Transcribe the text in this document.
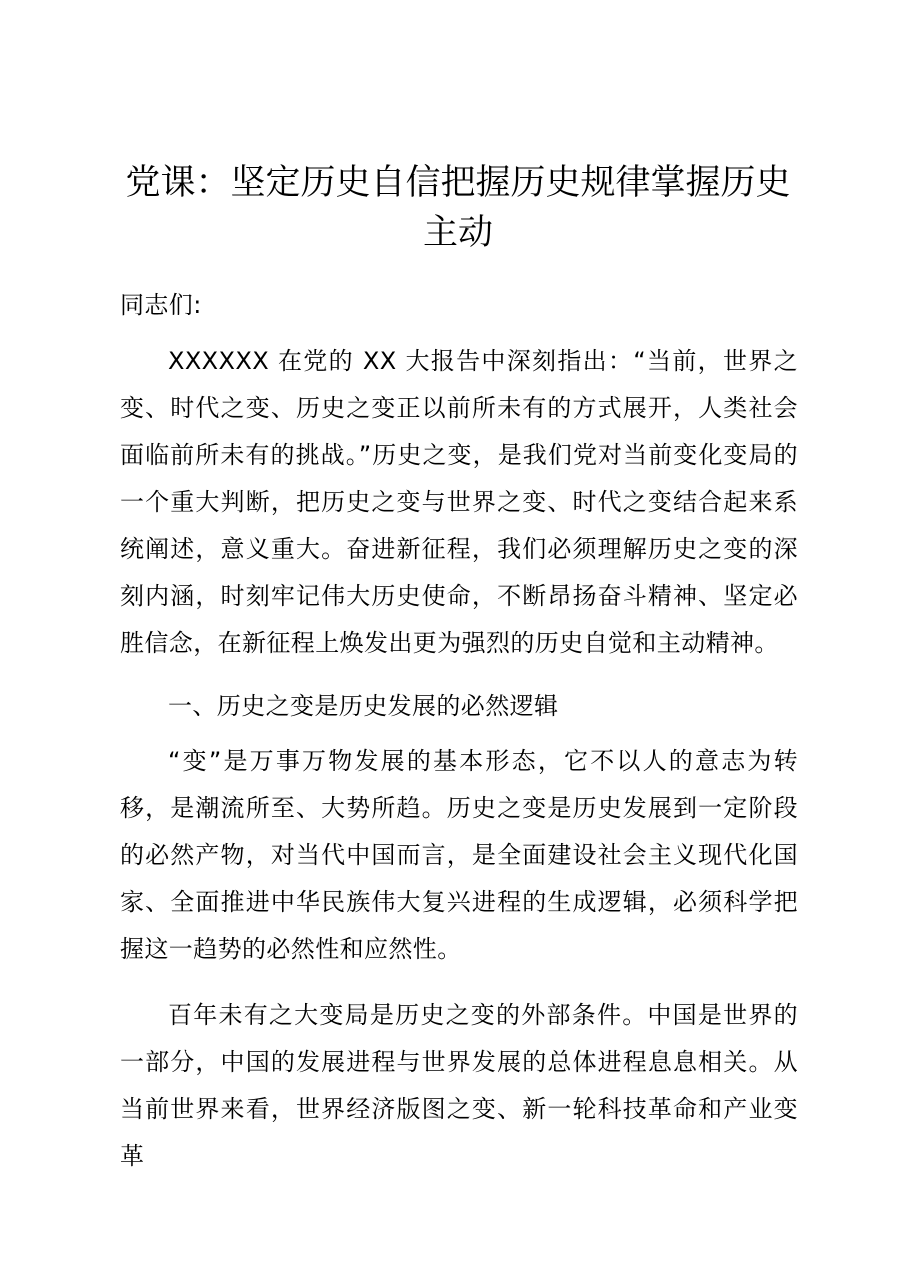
党课：坚定历史自信把握历史规律掌握历史主动

同志们:

XXXXXX 在党的 XX 大报告中深刻指出：“当前，世界之变、时代之变、历史之变正以前所未有的方式展开，人类社会面临前所未有的挑战。”历史之变，是我们党对当前变化变局的一个重大判断，把历史之变与世界之变、时代之变结合起来系统阐述，意义重大。奋进新征程，我们必须理解历史之变的深刻内涵，时刻牢记伟大历史使命，不断昂扬奋斗精神、坚定必胜信念，在新征程上焕发出更为强烈的历史自觉和主动精神。

一、历史之变是历史发展的必然逻辑

“变”是万事万物发展的基本形态，它不以人的意志为转移，是潮流所至、大势所趋。历史之变是历史发展到一定阶段的必然产物，对当代中国而言，是全面建设社会主义现代化国家、全面推进中华民族伟大复兴进程的生成逻辑，必须科学把握这一趋势的必然性和应然性。

百年未有之大变局是历史之变的外部条件。中国是世界的一部分，中国的发展进程与世界发展的总体进程息息相关。从当前世界来看，世界经济版图之变、新一轮科技革命和产业变革
